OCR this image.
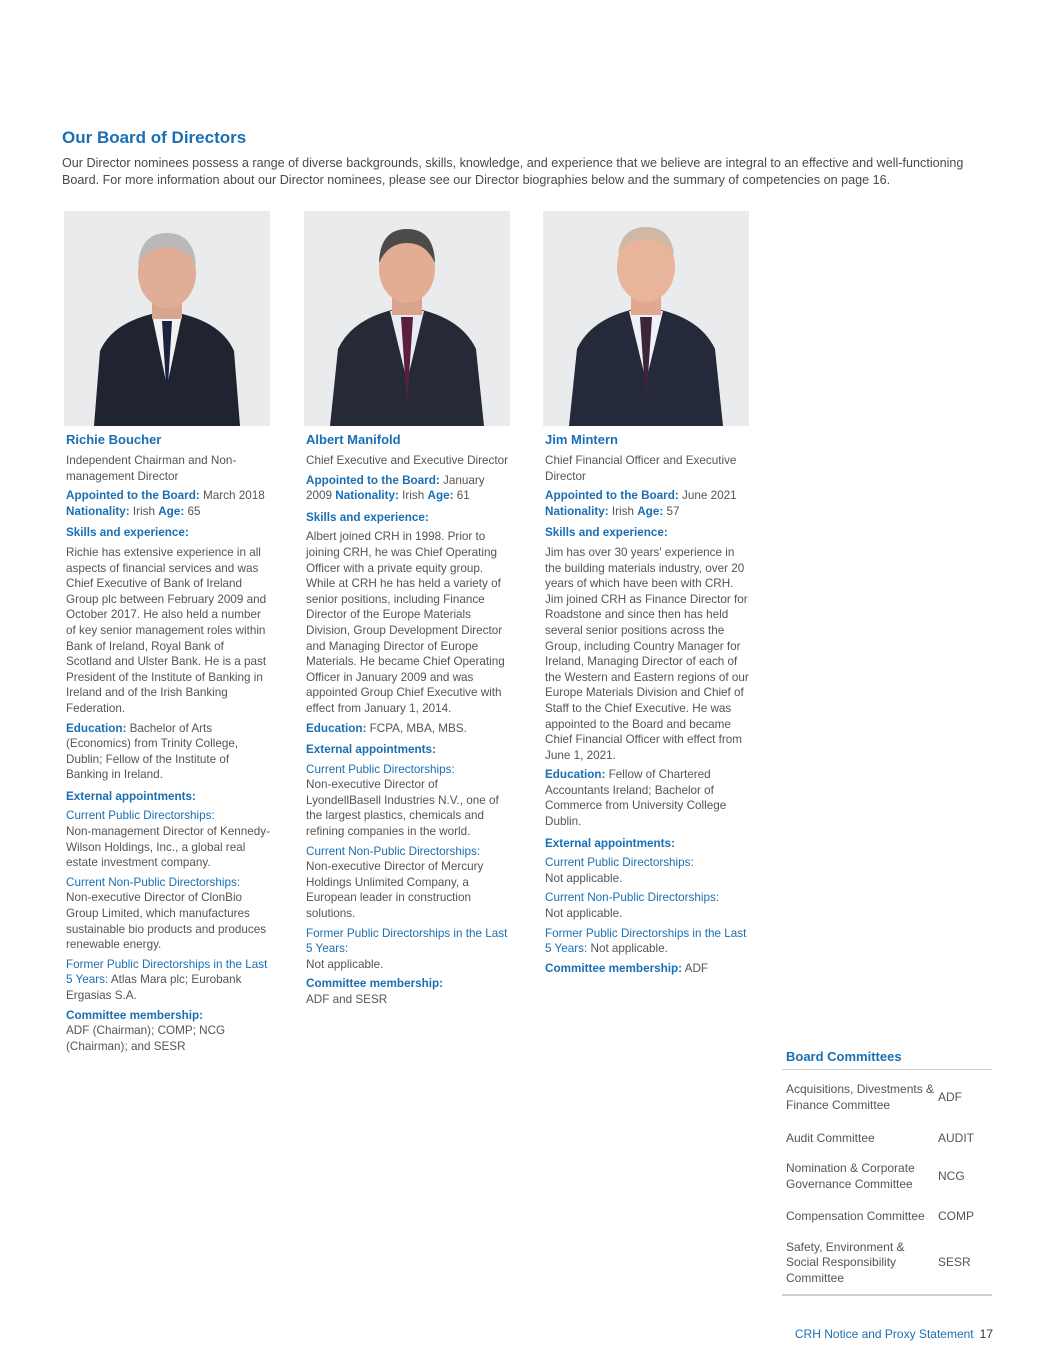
Our Board of Directors

Our Director nominees possess a range of diverse backgrounds, skills, knowledge, and experience that we believe are integral to an effective and well-functioning Board. For more information about our Director nominees, please see our Director biographies below and the summary of competencies on page 16.

Richie Boucher

Independent Chairman and Non-management Director

Appointed to the Board: March 2018 Nationality: Irish Age: 65

Skills and experience:

Richie has extensive experience in all aspects of financial services and was Chief Executive of Bank of Ireland Group plc between February 2009 and October 2017. He also held a number of key senior management roles within Bank of Ireland, Royal Bank of Scotland and Ulster Bank. He is a past President of the Institute of Banking in Ireland and of the Irish Banking Federation.

Education: Bachelor of Arts (Economics) from Trinity College, Dublin; Fellow of the Institute of Banking in Ireland.

External appointments:

Current Public Directorships:
Non-management Director of Kennedy-Wilson Holdings, Inc., a global real estate investment company.

Current Non-Public Directorships:
Non-executive Director of ClonBio Group Limited, which manufactures sustainable bio products and produces renewable energy.

Former Public Directorships in the Last 5 Years: Atlas Mara plc; Eurobank Ergasias S.A.

Committee membership:
ADF (Chairman); COMP; NCG (Chairman); and SESR

Albert Manifold

Chief Executive and Executive Director

Appointed to the Board: January 2009 Nationality: Irish Age: 61

Skills and experience:

Albert joined CRH in 1998. Prior to joining CRH, he was Chief Operating Officer with a private equity group. While at CRH he has held a variety of senior positions, including Finance Director of the Europe Materials Division, Group Development Director and Managing Director of Europe Materials. He became Chief Operating Officer in January 2009 and was appointed Group Chief Executive with effect from January 1, 2014.

Education: FCPA, MBA, MBS.

External appointments:

Current Public Directorships:
Non-executive Director of LyondellBasell Industries N.V., one of the largest plastics, chemicals and refining companies in the world.

Current Non-Public Directorships:
Non-executive Director of Mercury Holdings Unlimited Company, a European leader in construction solutions.

Former Public Directorships in the Last 5 Years:
Not applicable.

Committee membership:
ADF and SESR

Jim Mintern

Chief Financial Officer and Executive Director

Appointed to the Board: June 2021 Nationality: Irish Age: 57

Skills and experience:

Jim has over 30 years' experience in the building materials industry, over 20 years of which have been with CRH. Jim joined CRH as Finance Director for Roadstone and since then has held several senior positions across the Group, including Country Manager for Ireland, Managing Director of each of the Western and Eastern regions of our Europe Materials Division and Chief of Staff to the Chief Executive. He was appointed to the Board and became Chief Financial Officer with effect from June 1, 2021.

Education: Fellow of Chartered Accountants Ireland; Bachelor of Commerce from University College Dublin.

External appointments:

Current Public Directorships:
Not applicable.

Current Non-Public Directorships:
Not applicable.

Former Public Directorships in the Last 5 Years: Not applicable.

Committee membership: ADF

Board Committees
Acquisitions, Divestments & Finance Committee
ADF
Audit Committee	AUDIT
Nomination & Corporate Governance Committee
NCG
Compensation Committee	COMP
Safety, Environment & Social Responsibility Committee
SESR
CRH Notice and Proxy Statement 17
